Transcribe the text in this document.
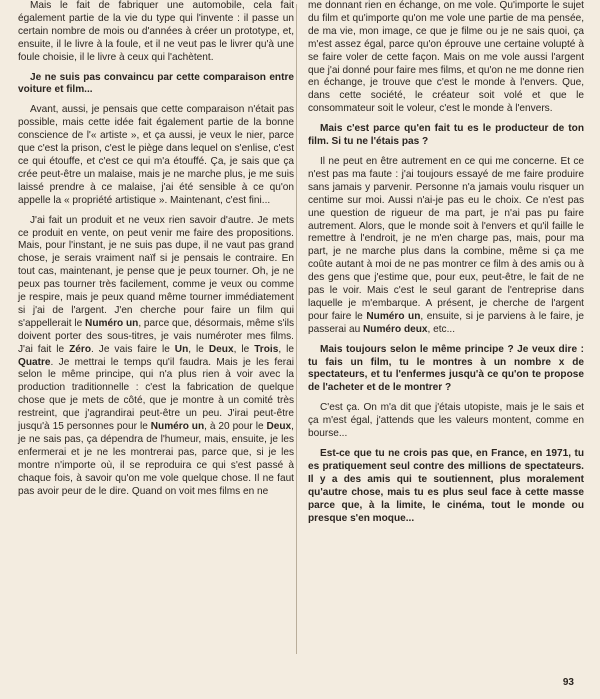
Mais le fait de fabriquer une automobile, cela fait également partie de la vie du type qui l'invente : il passe un certain nombre de mois ou d'années à créer un prototype, et, ensuite, il le livre à la foule, et il ne veut pas le livrer qu'à une foule choisie, il le livre à ceux qui l'achètent.

Je ne suis pas convaincu par cette comparaison entre voiture et film...

Avant, aussi, je pensais que cette comparaison n'était pas possible, mais cette idée fait également partie de la bonne conscience de l'« artiste », et ça aussi, je veux le nier, parce que c'est la prison, c'est le piège dans lequel on s'enlise, c'est ce qui étouffe, et c'est ce qui m'a étouffé. Ça, je sais que ça crée peut-être un malaise, mais je ne marche plus, je me suis laissé prendre à ce malaise, j'ai été sensible à ce qu'on appelle la « propriété artistique ». Maintenant, c'est fini...

J'ai fait un produit et ne veux rien savoir d'autre. Je mets ce produit en vente, on peut venir me faire des propositions. Mais, pour l'instant, je ne suis pas dupe, il ne vaut pas grand chose, je serais vraiment naïf si je pensais le contraire. En tout cas, maintenant, je pense que je peux tourner. Oh, je ne peux pas tourner très facilement, comme je veux ou comme je respire, mais je peux quand même tourner immédiatement si j'ai de l'argent. J'en cherche pour faire un film qui s'appellerait le Numéro un, parce que, désormais, même s'ils doivent porter des sous-titres, je vais numéroter mes films. J'ai fait le Zéro. Je vais faire le Un, le Deux, le Trois, le Quatre. Je mettrai le temps qu'il faudra. Mais je les ferai selon le même principe, qui n'a plus rien à voir avec la production traditionnelle : c'est la fabrication de quelque chose que je mets de côté, que je montre à un comité très restreint, que j'agrandirai peut-être un peu. J'irai peut-être jusqu'à 15 personnes pour le Numéro un, à 20 pour le Deux, je ne sais pas, ça dépendra de l'humeur, mais, ensuite, je les enfermerai et je ne les montrerai pas, parce que, si je les montre n'importe où, il se reproduira ce qui s'est passé à chaque fois, à savoir qu'on me vole quelque chose. Il ne faut pas avoir peur de le dire. Quand on voit mes films en ne

me donnant rien en échange, on me vole. Qu'importe le sujet du film et qu'importe qu'on me vole une partie de ma pensée, de ma vie, mon image, ce que je filme ou je ne sais quoi, ça m'est assez égal, parce qu'on éprouve une certaine volupté à se faire voler de cette façon. Mais on me vole aussi l'argent que j'ai donné pour faire mes films, et qu'on ne me donne rien en échange, je trouve que c'est le monde à l'envers. Que, dans cette société, le créateur soit volé et que le consommateur soit le voleur, c'est le monde à l'envers.

Mais c'est parce qu'en fait tu es le producteur de ton film. Si tu ne l'étais pas ?

Il ne peut en être autrement en ce qui me concerne. Et ce n'est pas ma faute : j'ai toujours essayé de me faire produire sans jamais y parvenir. Personne n'a jamais voulu risquer un centime sur moi. Aussi n'ai-je pas eu le choix. Ce n'est pas une question de rigueur de ma part, je n'ai pas pu faire autrement. Alors, que le monde soit à l'envers et qu'il faille le remettre à l'endroit, je ne m'en charge pas, mais, pour ma part, je ne marche plus dans la combine, même si ça me coûte autant à moi de ne pas montrer ce film à des amis ou à des gens que j'estime que, pour eux, peut-être, le fait de ne pas le voir. Mais c'est le seul garant de l'entreprise dans laquelle je m'embarque. A présent, je cherche de l'argent pour faire le Numéro un, ensuite, si je parviens à le faire, je passerai au Numéro deux, etc...

Mais toujours selon le même principe ? Je veux dire : tu fais un film, tu le montres à un nombre x de spectateurs, et tu l'enfermes jusqu'à ce qu'on te propose de l'acheter et de le montrer ?

C'est ça. On m'a dit que j'étais utopiste, mais je le sais et ça m'est égal, j'attends que les valeurs montent, comme en bourse...

Est-ce que tu ne crois pas que, en France, en 1971, tu es pratiquement seul contre des millions de spectateurs. Il y a des amis qui te soutiennent, plus moralement qu'autre chose, mais tu es plus seul face à cette masse parce que, à la limite, le cinéma, tout le monde ou presque s'en moque...

93
